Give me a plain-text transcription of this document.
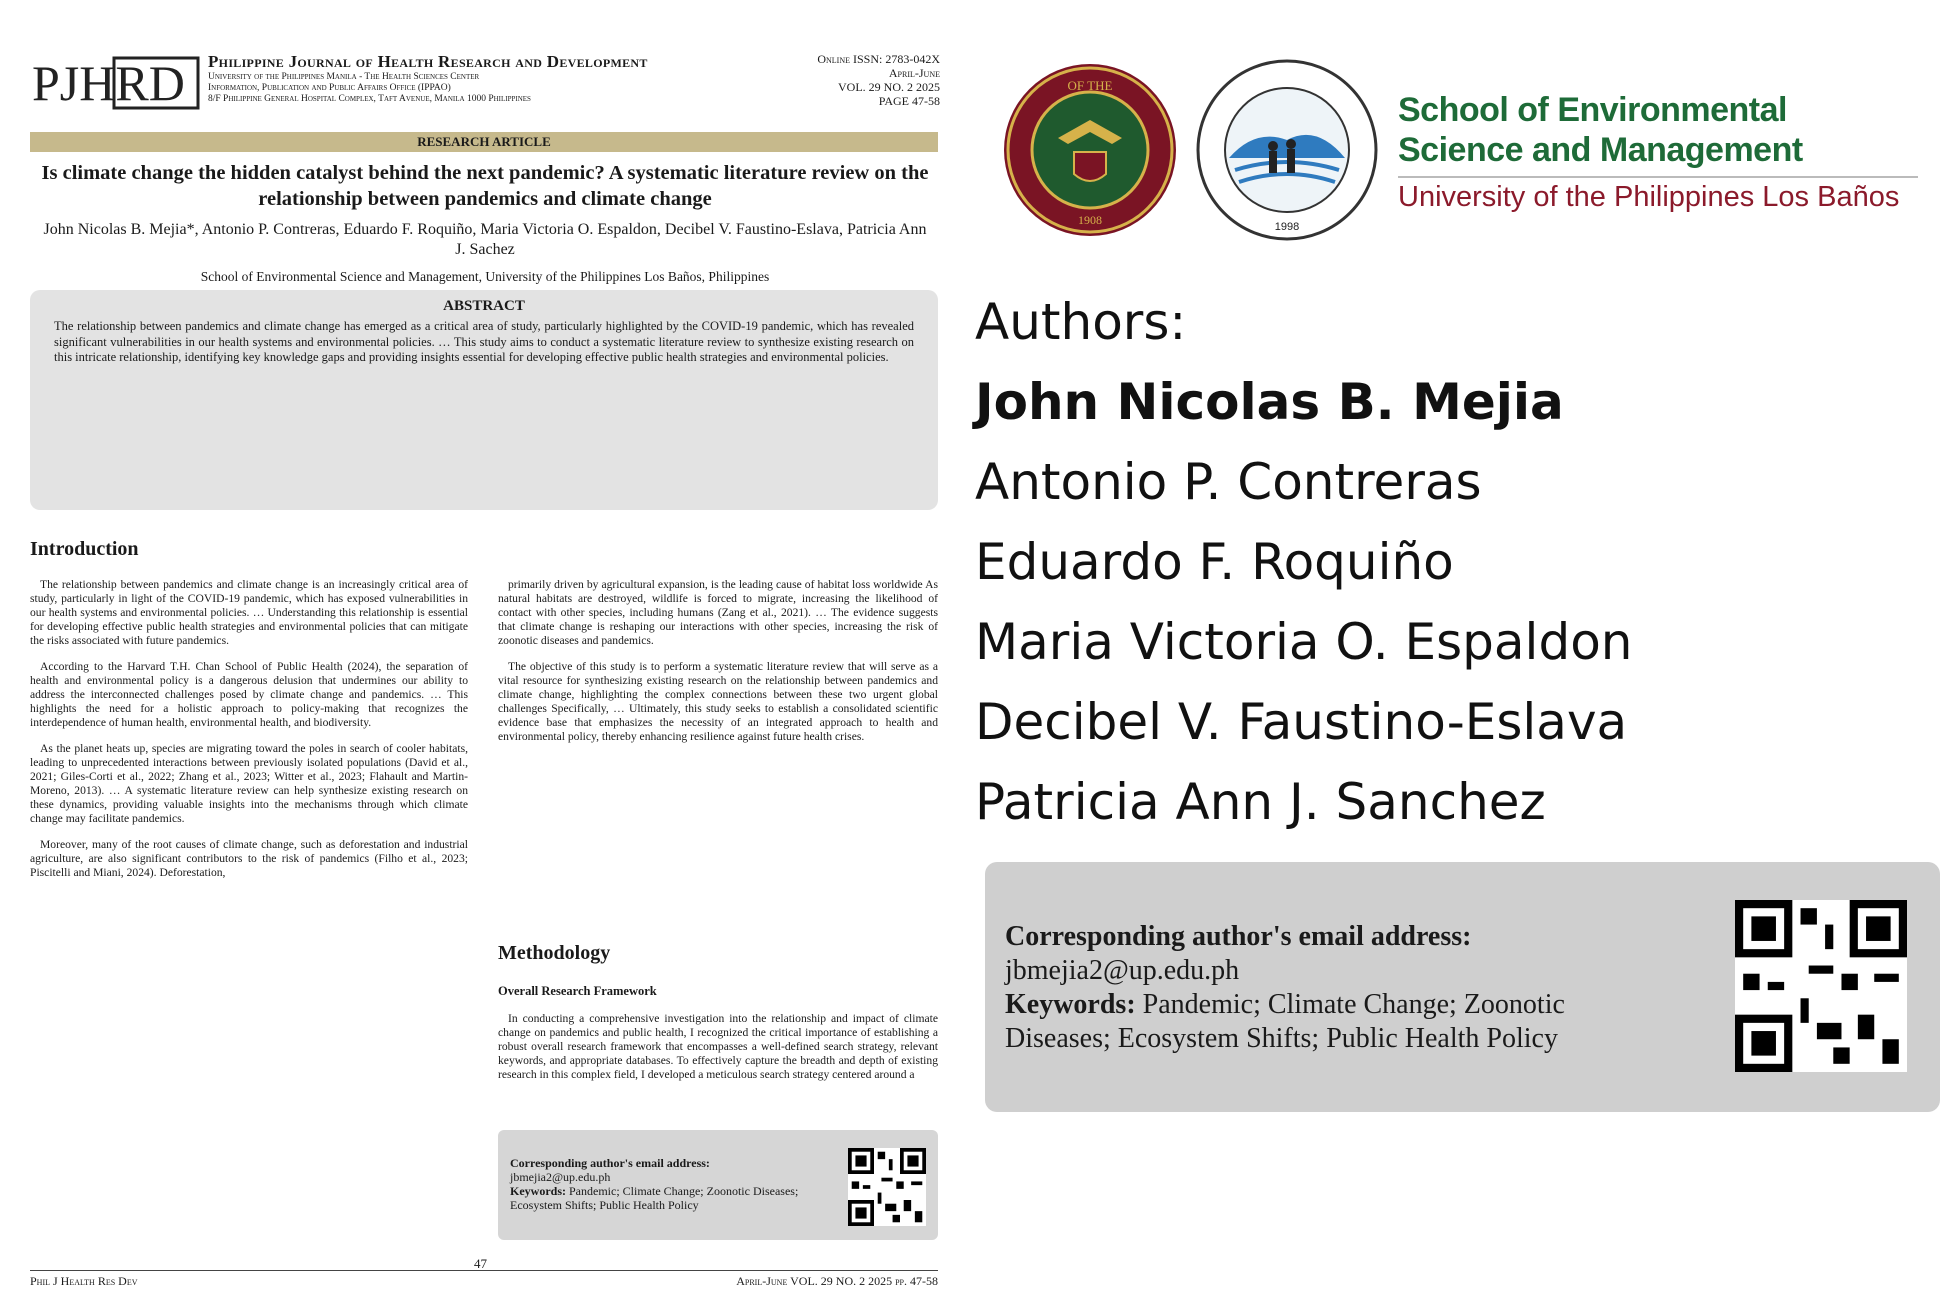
PJHRD Philippine Journal of Health Research and Development
University of the Philippines Manila - The Health Sciences Center
Information, Publication and Public Affairs Office (IPPAO)
8/F Philippine General Hospital Complex, Taft Avenue, Manila 1000 Philippines
Online ISSN: 2783-042X
April-June
VOL. 29 NO. 2 2025
PAGE 47-58
RESEARCH ARTICLE
Is climate change the hidden catalyst behind the next pandemic? A systematic literature review on the relationship between pandemics and climate change
John Nicolas B. Mejia*, Antonio P. Contreras, Eduardo F. Roquiño, Maria Victoria O. Espaldon, Decibel V. Faustino-Eslava, Patricia Ann J. Sachez
School of Environmental Science and Management, University of the Philippines Los Baños, Philippines
ABSTRACT

The relationship between pandemics and climate change has emerged as a critical area of study, particularly highlighted by the COVID-19 pandemic, which has revealed significant vulnerabilities in our health systems and environmental policies. … This study aims to conduct a systematic literature review to synthesize existing research on this intricate relationship, identifying key knowledge gaps and providing insights essential for developing effective public health strategies and environmental policies.

Introduction

The relationship between pandemics and climate change is an increasingly critical area of study, particularly in light of the COVID-19 pandemic, which has exposed vulnerabilities in our health systems and environmental policies. … Understanding this relationship is essential for developing effective public health strategies and environmental policies that can mitigate the risks associated with future pandemics.

According to the Harvard T.H. Chan School of Public Health (2024), the separation of health and environmental policy is a dangerous delusion that undermines our ability to address the interconnected challenges posed by climate change and pandemics. … This highlights the need for a holistic approach to policy-making that recognizes the interdependence of human health, environmental health, and biodiversity.

As the planet heats up, species are migrating toward the poles in search of cooler habitats, leading to unprecedented interactions between previously isolated populations (David et al., 2021; Giles-Corti et al., 2022; Zhang et al., 2023; Witter et al., 2023; Flahault and Martin-Moreno, 2013). … A systematic literature review can help synthesize existing research on these dynamics, providing valuable insights into the mechanisms through which climate change may facilitate pandemics.

Moreover, many of the root causes of climate change, such as deforestation and industrial agriculture, are also significant contributors to the risk of pandemics (Filho et al., 2023; Piscitelli and Miani, 2024). Deforestation,

primarily driven by agricultural expansion, is the leading cause of habitat loss worldwide As natural habitats are destroyed, wildlife is forced to migrate, increasing the likelihood of contact with other species, including humans (Zang et al., 2021). … The evidence suggests that climate change is reshaping our interactions with other species, increasing the risk of zoonotic diseases and pandemics.

The objective of this study is to perform a systematic literature review that will serve as a vital resource for synthesizing existing research on the relationship between pandemics and climate change, highlighting the complex connections between these two urgent global challenges Specifically, … Ultimately, this study seeks to establish a consolidated scientific evidence base that emphasizes the necessity of an integrated approach to health and environmental policy, thereby enhancing resilience against future health crises.

Methodology
Overall Research Framework

In conducting a comprehensive investigation into the relationship and impact of climate change on pandemics and public health, I recognized the critical importance of establishing a robust overall research framework that encompasses a well-defined search strategy, relevant keywords, and appropriate databases. To effectively capture the breadth and depth of existing research in this complex field, I developed a meticulous search strategy centered around a

Corresponding author's email address:
jbmejia2@up.edu.ph
Keywords: Pandemic; Climate Change; Zoonotic Diseases; Ecosystem Shifts; Public Health Policy
47
Phil J Health Res Dev	April-June VOL. 29 NO. 2 2025 pp. 47-58
OF THE
1908	1998
School of Environmental
Science and Management
University of the Philippines Los Baños
Authors:
John Nicolas B. Mejia
Antonio P. Contreras
Eduardo F. Roquiño
Maria Victoria O. Espaldon
Decibel V. Faustino-Eslava
Patricia Ann J. Sanchez
Corresponding author's email address:
jbmejia2@up.edu.ph
Keywords: Pandemic; Climate Change; Zoonotic Diseases; Ecosystem Shifts; Public Health Policy
